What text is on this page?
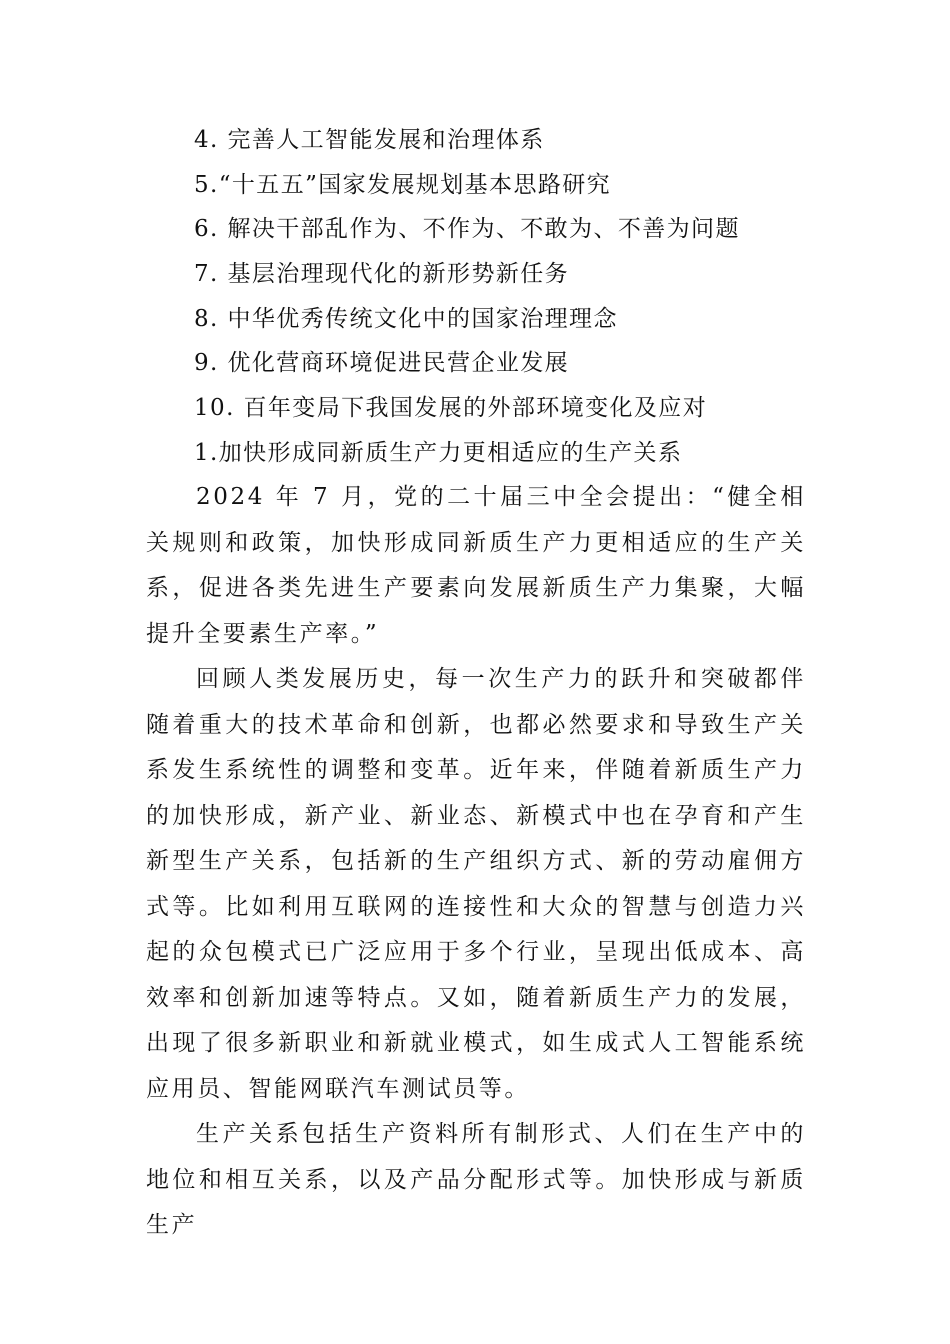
4. 完善人工智能发展和治理体系
5.“十五五”国家发展规划基本思路研究
6. 解决干部乱作为、不作为、不敢为、不善为问题
7. 基层治理现代化的新形势新任务
8. 中华优秀传统文化中的国家治理理念
9. 优化营商环境促进民营企业发展
10. 百年变局下我国发展的外部环境变化及应对
1.加快形成同新质生产力更相适应的生产关系

2024 年 7 月，党的二十届三中全会提出：“健全相关规则和政策，加快形成同新质生产力更相适应的生产关系，促进各类先进生产要素向发展新质生产力集聚，大幅提升全要素生产率。”

回顾人类发展历史，每一次生产力的跃升和突破都伴随着重大的技术革命和创新，也都必然要求和导致生产关系发生系统性的调整和变革。近年来，伴随着新质生产力的加快形成，新产业、新业态、新模式中也在孕育和产生新型生产关系，包括新的生产组织方式、新的劳动雇佣方式等。比如利用互联网的连接性和大众的智慧与创造力兴起的众包模式已广泛应用于多个行业，呈现出低成本、高效率和创新加速等特点。又如，随着新质生产力的发展，出现了很多新职业和新就业模式，如生成式人工智能系统应用员、智能网联汽车测试员等。

生产关系包括生产资料所有制形式、人们在生产中的地位和相互关系，以及产品分配形式等。加快形成与新质生产
